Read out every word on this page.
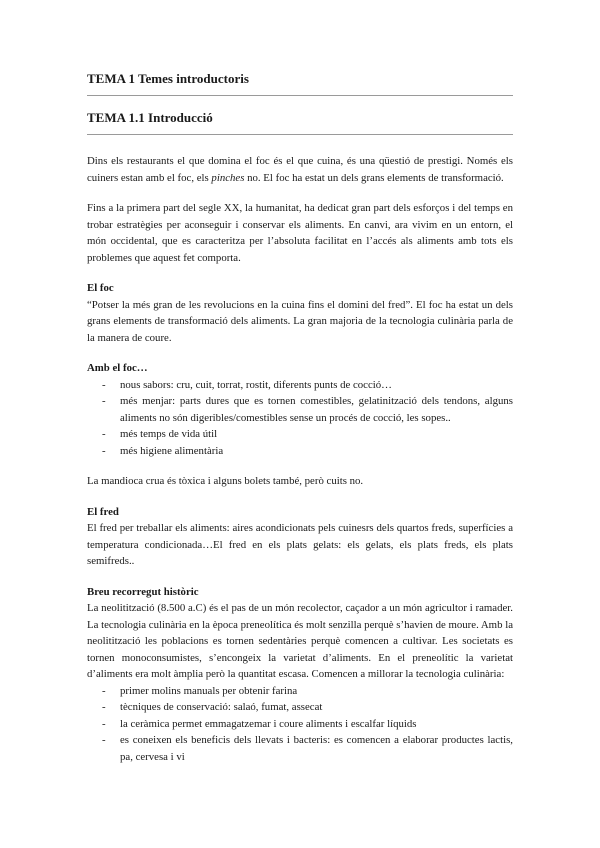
TEMA 1 Temes introductoris
TEMA 1.1 Introducció

Dins els restaurants el que domina el foc és el que cuina, és una qüestió de prestigi. Només els cuiners estan amb el foc, els pinches no. El foc ha estat un dels grans elements de transformació.

Fins a la primera part del segle XX, la humanitat, ha dedicat gran part dels esforços i del temps en trobar estratègies per aconseguir i conservar els aliments. En canvi, ara vivim en un entorn, el món occidental, que es caracteritza per l’absoluta facilitat en l’accés als aliments amb tots els problemes que aquest fet comporta.

El foc

“Potser la més gran de les revolucions en la cuina fins el domini del fred”. El foc ha estat un dels grans elements de transformació dels aliments. La gran majoria de la tecnologia culinària parla de la manera de coure.

Amb el foc…
- nous sabors: cru, cuit, torrat, rostit, diferents punts de cocció…
- més menjar: parts dures que es tornen comestibles, gelatinització dels tendons, alguns aliments no són digeribles/comestibles sense un procés de cocció, les sopes..
- més temps de vida útil
- més higiene alimentària

La mandioca crua és tòxica i alguns bolets també, però cuits no.

El fred

El fred per treballar els aliments: aires acondicionats pels cuinesrs dels quartos freds, superfícies a temperatura condicionada…El fred en els plats gelats: els gelats, els plats freds, els plats semifreds..

Breu recorregut històric

La neolitització (8.500 a.C) és el pas de un món recolector, caçador a un món agricultor i ramader. La tecnologia culinària en la època preneolítica és molt senzilla perquè s’havien de moure. Amb la neolitització les poblacions es tornen sedentàries perquè comencen a cultivar. Les societats es tornen monoconsumistes, s’encongeix la varietat d’aliments. En el preneolític la varietat d’aliments era molt àmplia però la quantitat escasa. Comencen a millorar la tecnologia culinària:

- primer molins manuals per obtenir farina
- tècniques de conservació: salaó, fumat, assecat
- la ceràmica permet emmagatzemar i coure aliments i escalfar líquids
- es coneixen els beneficis dels llevats i bacteris: es comencen a elaborar productes lactis, pa, cervesa i vi
